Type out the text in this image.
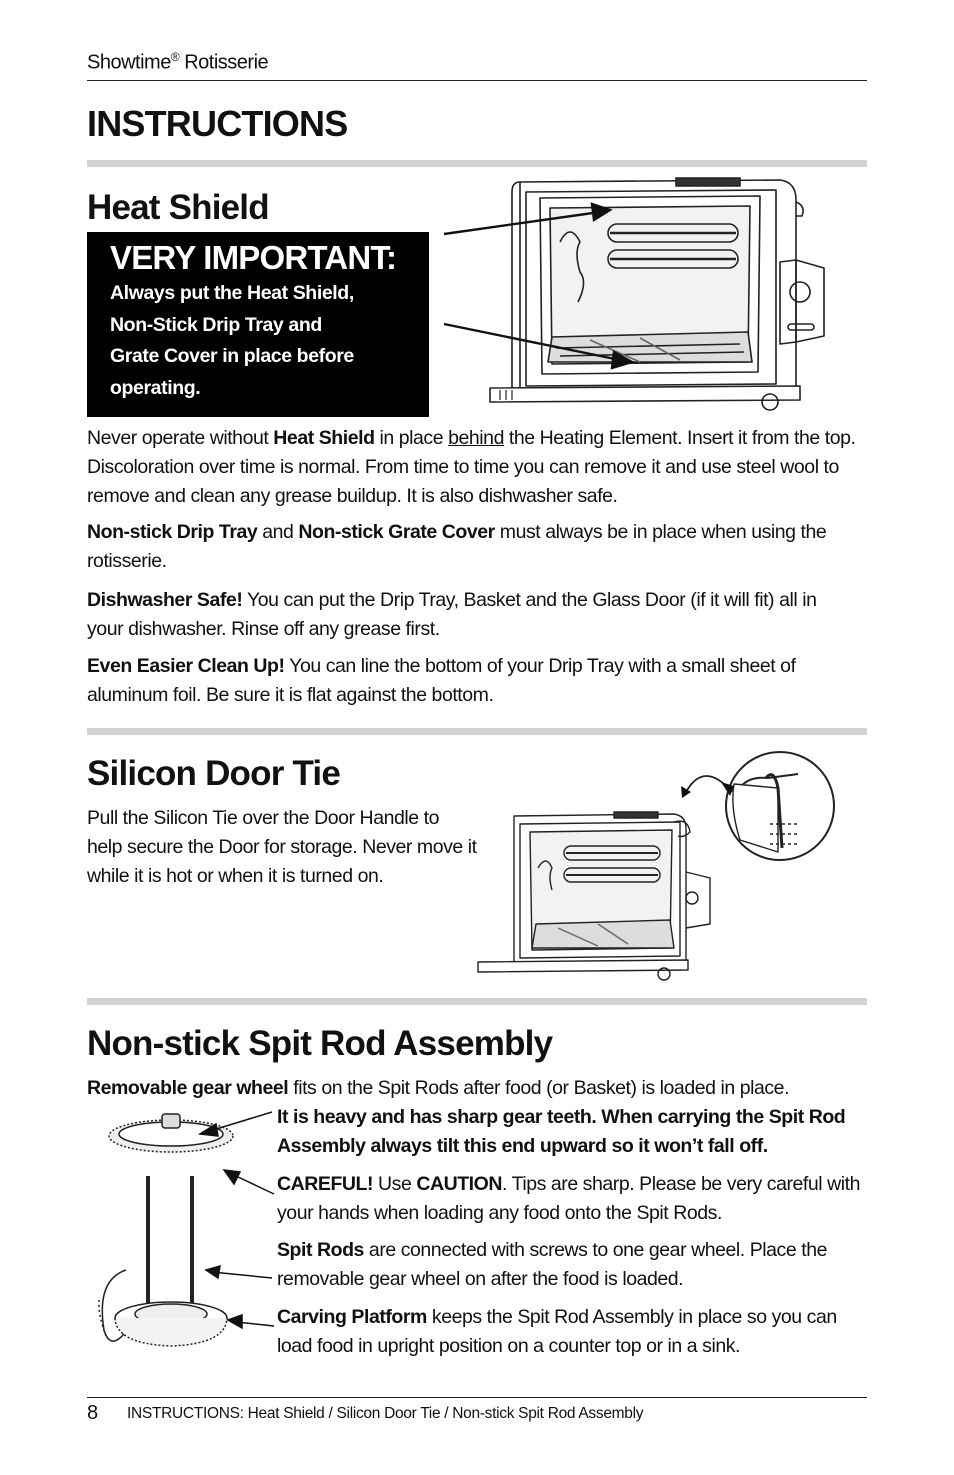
Showtime® Rotisserie
INSTRUCTIONS
Heat Shield
VERY IMPORTANT:
Always put the Heat Shield,
Non-Stick Drip Tray and
Grate Cover in place before
operating.

Never operate without Heat Shield in place behind the Heating Element. Insert it from the top. Discoloration over time is normal. From time to time you can remove it and use steel wool to remove and clean any grease buildup. It is also dishwasher safe.

Non-stick Drip Tray and Non-stick Grate Cover must always be in place when using the rotisserie.

Dishwasher Safe! You can put the Drip Tray, Basket and the Glass Door (if it will fit) all in your dishwasher. Rinse off any grease first.

Even Easier Clean Up! You can line the bottom of your Drip Tray with a small sheet of aluminum foil. Be sure it is flat against the bottom.

Silicon Door Tie

Pull the Silicon Tie over the Door Handle to help secure the Door for storage. Never move it while it is hot or when it is turned on.

Non-stick Spit Rod Assembly

Removable gear wheel fits on the Spit Rods after food (or Basket) is loaded in place.

It is heavy and has sharp gear teeth. When carrying the Spit Rod Assembly always tilt this end upward so it won’t fall off.

CAREFUL! Use CAUTION. Tips are sharp. Please be very careful with your hands when loading any food onto the Spit Rods.

Spit Rods are connected with screws to one gear wheel. Place the removable gear wheel on after the food is loaded.

Carving Platform keeps the Spit Rod Assembly in place so you can load food in upright position on a counter top or in a sink.

8 INSTRUCTIONS: Heat Shield / Silicon Door Tie / Non-stick Spit Rod Assembly
